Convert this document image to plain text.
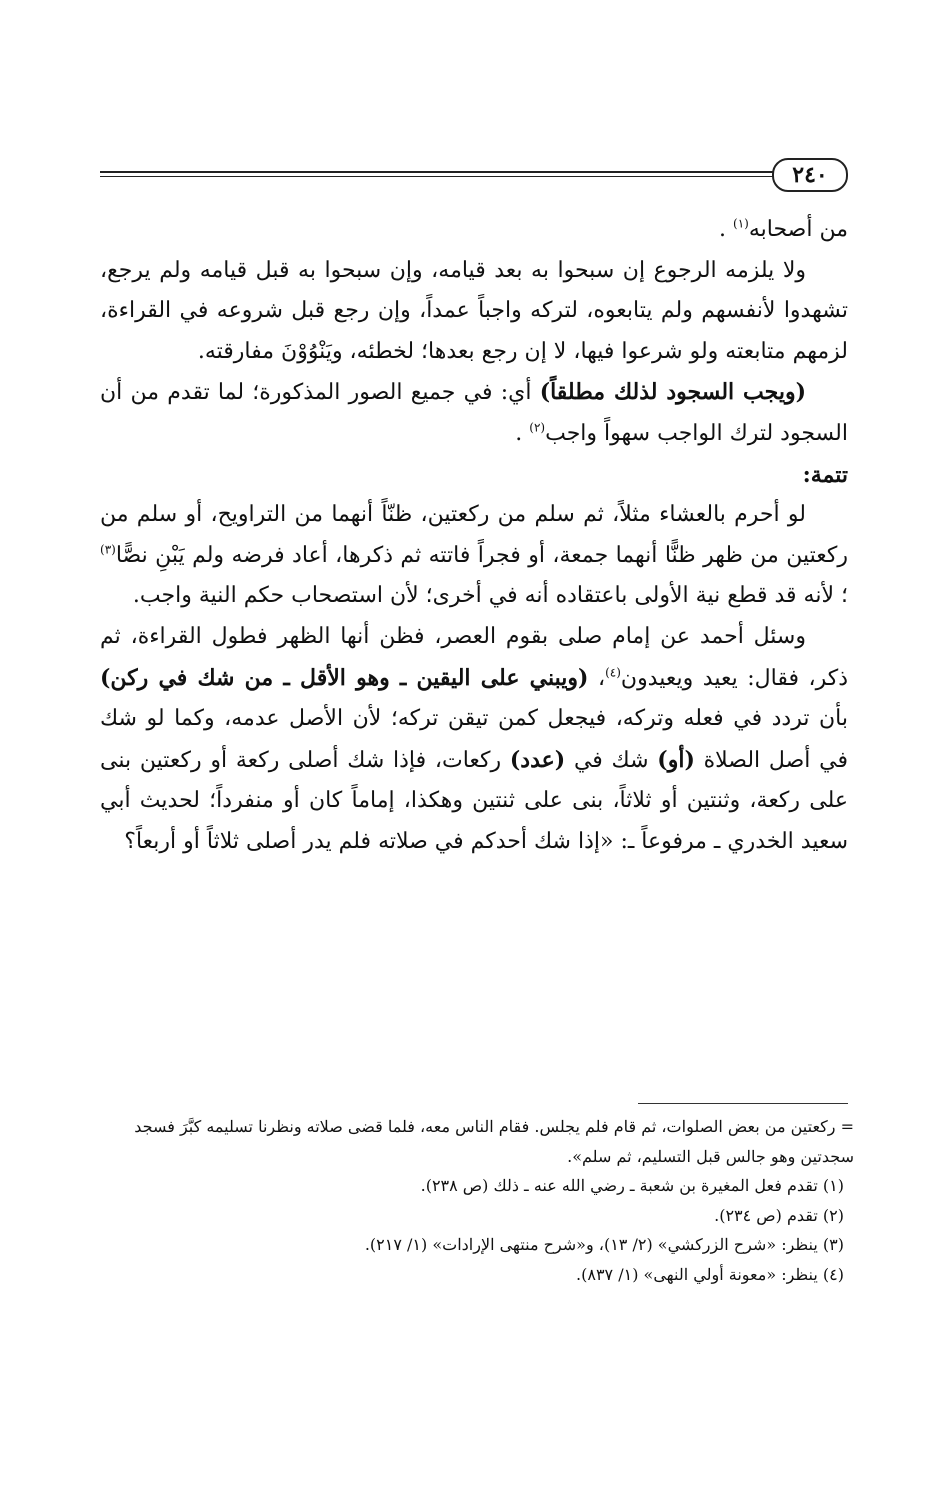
٢٤٠

من أصحابه$^{(١)}$ .

ولا يلزمه الرجوع إن سبحوا به بعد قيامه، وإن سبحوا به قبل قيامه ولم يرجع، تشهدوا لأنفسهم ولم يتابعوه، لتركه واجباً عمداً، وإن رجع قبل شروعه في القراءة، لزمهم متابعته ولو شرعوا فيها، لا إن رجع بعدها؛ لخطئه، ويَنْوُوْنَ مفارقته.

(ويجب السجود لذلك مطلقاً) أي: في جميع الصور المذكورة؛ لما تقدم من أن السجود لترك الواجب سهواً واجب$^{(٢)}$ .

تتمة:

لو أحرم بالعشاء مثلاً، ثم سلم من ركعتين، ظنّاً أنهما من التراويح، أو سلم من ركعتين من ظهر ظنًّا أنهما جمعة، أو فجراً فاتته ثم ذكرها، أعاد فرضه ولم يَبْنِ نصًّا$^{(٣)}$ ؛ لأنه قد قطع نية الأولى باعتقاده أنه في أخرى؛ لأن استصحاب حكم النية واجب.

وسئل أحمد عن إمام صلى بقوم العصر، فظن أنها الظهر فطول القراءة، ثم ذكر، فقال: يعيد ويعيدون$^{(٤)}$، (ويبني على اليقين ـ وهو الأقل ـ من شك في ركن) بأن تردد في فعله وتركه، فيجعل كمن تيقن تركه؛ لأن الأصل عدمه، وكما لو شك في أصل الصلاة (أو) شك في (عدد) ركعات، فإذا شك أصلى ركعة أو ركعتين بنى على ركعة، وثنتين أو ثلاثاً، بنى على ثنتين وهكذا، إماماً كان أو منفرداً؛ لحديث أبي سعيد الخدري ـ مرفوعاً ـ: «إذا شك أحدكم في صلاته فلم يدر أصلى ثلاثاً أو أربعاً؟

= ركعتين من بعض الصلوات، ثم قام فلم يجلس. فقام الناس معه، فلما قضى صلاته ونظرنا تسليمه كبَّرَ فسجد سجدتين وهو جالس قبل التسليم، ثم سلم».

(١) تقدم فعل المغيرة بن شعبة ـ رضي الله عنه ـ ذلك (ص ٢٣٨).

(٢) تقدم (ص ٢٣٤).

(٣) ينظر: «شرح الزركشي» (٢/ ١٣)، و«شرح منتهى الإرادات» (١/ ٢١٧).

(٤) ينظر: «معونة أولي النهى» (١/ ٨٣٧).
